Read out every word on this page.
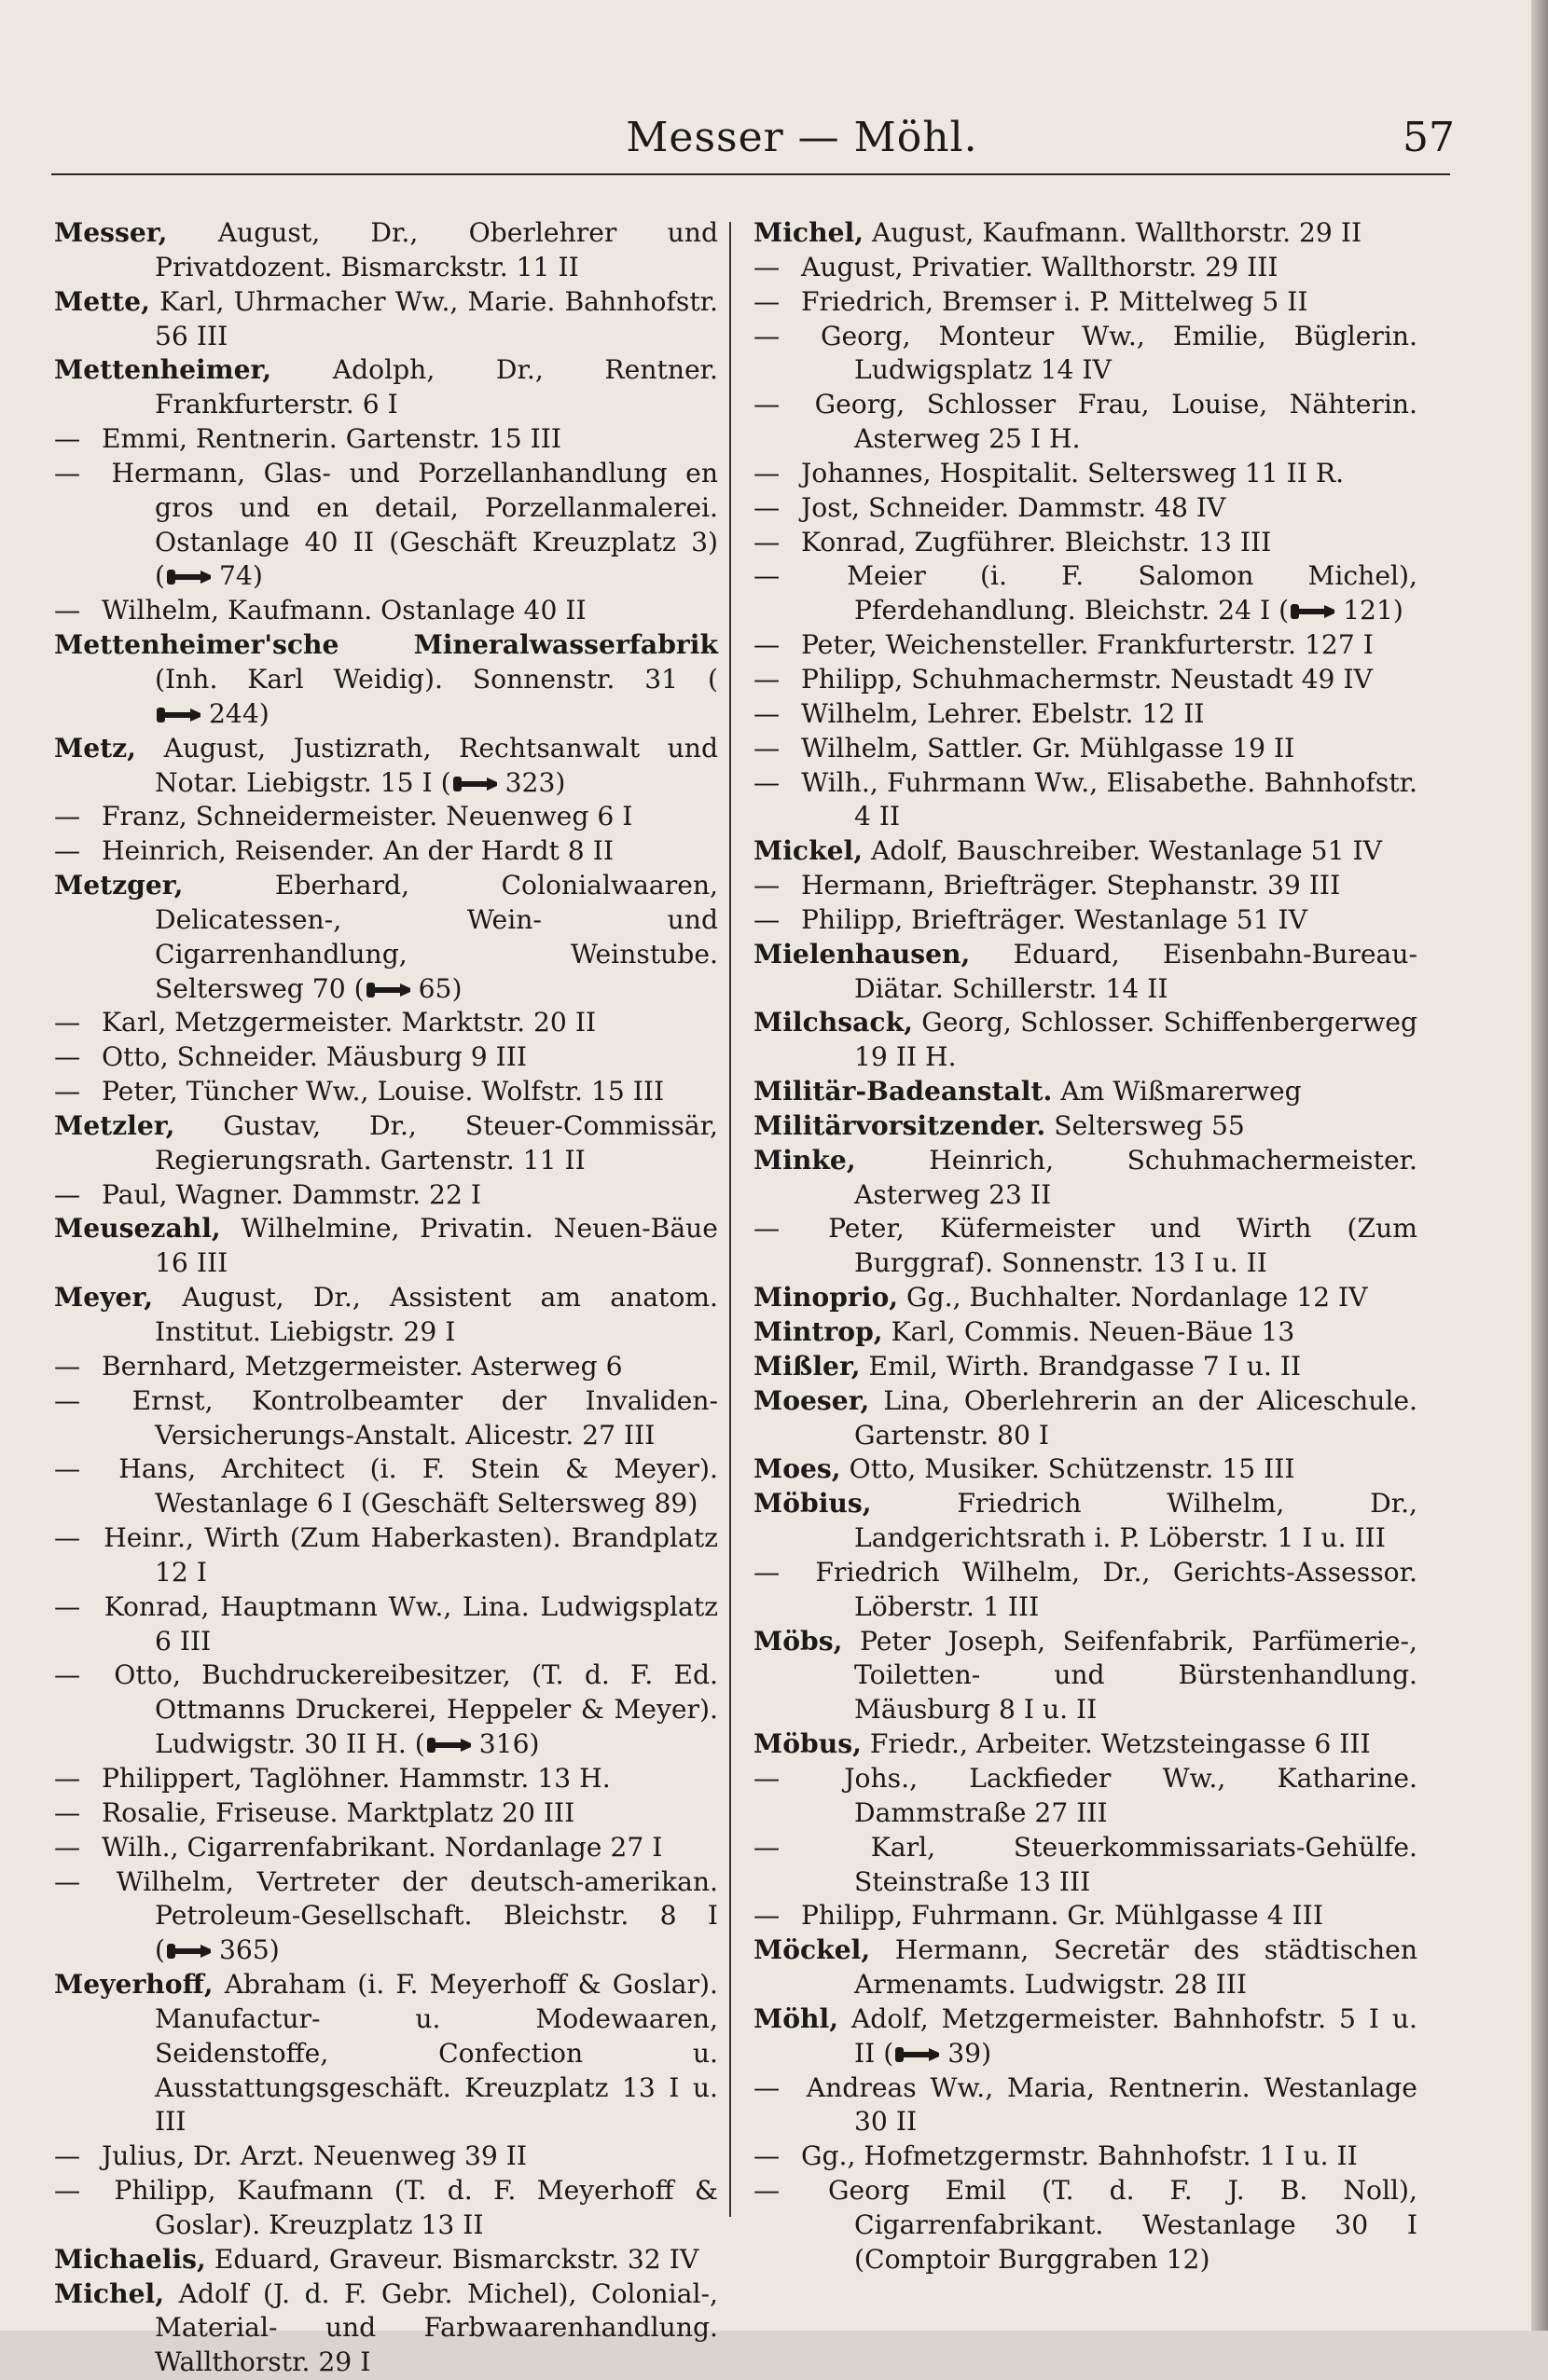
Messer — Möhl.	57
Messer, August, Dr., Oberlehrer und Privatdozent. Bismarckstr. 11 II
Mette, Karl, Uhrmacher Ww., Marie. Bahnhofstr. 56 III
Mettenheimer, Adolph, Dr., Rentner. Frankfurterstr. 6 I
— Emmi, Rentnerin. Gartenstr. 15 III
— Hermann, Glas- und Porzellanhandlung en gros und en detail, Porzellanmalerei. Ostanlage 40 II (Geschäft Kreuzplatz 3) ( 74)
— Wilhelm, Kaufmann. Ostanlage 40 II
Mettenheimer'sche Mineralwasserfabrik (Inh. Karl Weidig). Sonnenstr. 31 (244)
Metz, August, Justizrath, Rechtsanwalt und Notar. Liebigstr. 15 I ( 323)
— Franz, Schneidermeister. Neuenweg 6 I
— Heinrich, Reisender. An der Hardt 8 II
Metzger, Eberhard, Colonialwaaren, Delicatessen-, Wein- und Cigarrenhandlung, Weinstube. Seltersweg 70 ( 65)
— Karl, Metzgermeister. Marktstr. 20 II
— Otto, Schneider. Mäusburg 9 III
— Peter, Tüncher Ww., Louise. Wolfstr. 15 III
Metzler, Gustav, Dr., Steuer-Commissär, Regierungsrath. Gartenstr. 11 II
— Paul, Wagner. Dammstr. 22 I
Meusezahl, Wilhelmine, Privatin. Neuen-Bäue 16 III
Meyer, August, Dr., Assistent am anatom. Institut. Liebigstr. 29 I
— Bernhard, Metzgermeister. Asterweg 6
— Ernst, Kontrolbeamter der Invaliden-Versicherungs-Anstalt. Alicestr. 27 III
— Hans, Architect (i. F. Stein & Meyer). Westanlage 6 I (Geschäft Seltersweg 89)
— Heinr., Wirth (Zum Haberkasten). Brandplatz 12 I
— Konrad, Hauptmann Ww., Lina. Ludwigsplatz 6 III
— Otto, Buchdruckereibesitzer, (T. d. F. Ed. Ottmanns Druckerei, Heppeler & Meyer). Ludwigstr. 30 II H. ( 316)
— Philippert, Taglöhner. Hammstr. 13 H.
— Rosalie, Friseuse. Marktplatz 20 III
— Wilh., Cigarrenfabrikant. Nordanlage 27 I
— Wilhelm, Vertreter der deutsch-amerikan. Petroleum-Gesellschaft. Bleichstr. 8 I ( 365)
Meyerhoff, Abraham (i. F. Meyerhoff & Goslar). Manufactur- u. Modewaaren, Seidenstoffe, Confection u. Ausstattungsgeschäft. Kreuzplatz 13 I u. III
— Julius, Dr. Arzt. Neuenweg 39 II
— Philipp, Kaufmann (T. d. F. Meyerhoff & Goslar). Kreuzplatz 13 II
Michaelis, Eduard, Graveur. Bismarckstr. 32 IV
Michel, Adolf (J. d. F. Gebr. Michel), Colonial-, Material- und Farbwaarenhandlung. Wallthorstr. 29 I
Michel, August, Kaufmann. Wallthorstr. 29 II
— August, Privatier. Wallthorstr. 29 III
— Friedrich, Bremser i. P. Mittelweg 5 II
— Georg, Monteur Ww., Emilie, Büglerin. Ludwigsplatz 14 IV
— Georg, Schlosser Frau, Louise, Nähterin. Asterweg 25 I H.
— Johannes, Hospitalit. Seltersweg 11 II R.
— Jost, Schneider. Dammstr. 48 IV
— Konrad, Zugführer. Bleichstr. 13 III
— Meier (i. F. Salomon Michel), Pferdehandlung. Bleichstr. 24 I ( 121)
— Peter, Weichensteller. Frankfurterstr. 127 I
— Philipp, Schuhmachermstr. Neustadt 49 IV
— Wilhelm, Lehrer. Ebelstr. 12 II
— Wilhelm, Sattler. Gr. Mühlgasse 19 II
— Wilh., Fuhrmann Ww., Elisabethe. Bahnhofstr. 4 II
Mickel, Adolf, Bauschreiber. Westanlage 51 IV
— Hermann, Briefträger. Stephanstr. 39 III
— Philipp, Briefträger. Westanlage 51 IV
Mielenhausen, Eduard, Eisenbahn-Bureau-Diätar. Schillerstr. 14 II
Milchsack, Georg, Schlosser. Schiffenbergerweg 19 II H.
Militär-Badeanstalt. Am Wißmarerweg
Militärvorsitzender. Seltersweg 55
Minke, Heinrich, Schuhmachermeister. Asterweg 23 II
— Peter, Küfermeister und Wirth (Zum Burggraf). Sonnenstr. 13 I u. II
Minoprio, Gg., Buchhalter. Nordanlage 12 IV
Mintrop, Karl, Commis. Neuen-Bäue 13
Mißler, Emil, Wirth. Brandgasse 7 I u. II
Moeser, Lina, Oberlehrerin an der Aliceschule. Gartenstr. 80 I
Moes, Otto, Musiker. Schützenstr. 15 III
Möbius, Friedrich Wilhelm, Dr., Landgerichtsrath i. P. Löberstr. 1 I u. III
— Friedrich Wilhelm, Dr., Gerichts-Assessor. Löberstr. 1 III
Möbs, Peter Joseph, Seifenfabrik, Parfümerie-, Toiletten- und Bürstenhandlung. Mäusburg 8 I u. II
Möbus, Friedr., Arbeiter. Wetzsteingasse 6 III
— Johs., Lackfieder Ww., Katharine. Dammstraße 27 III
— Karl, Steuerkommissariats-Gehülfe. Steinstraße 13 III
— Philipp, Fuhrmann. Gr. Mühlgasse 4 III
Möckel, Hermann, Secretär des städtischen Armenamts. Ludwigstr. 28 III
Möhl, Adolf, Metzgermeister. Bahnhofstr. 5 I u. II ( 39)
— Andreas Ww., Maria, Rentnerin. Westanlage 30 II
— Gg., Hofmetzgermstr. Bahnhofstr. 1 I u. II
— Georg Emil (T. d. F. J. B. Noll), Cigarrenfabrikant. Westanlage 30 I (Comptoir Burggraben 12)
